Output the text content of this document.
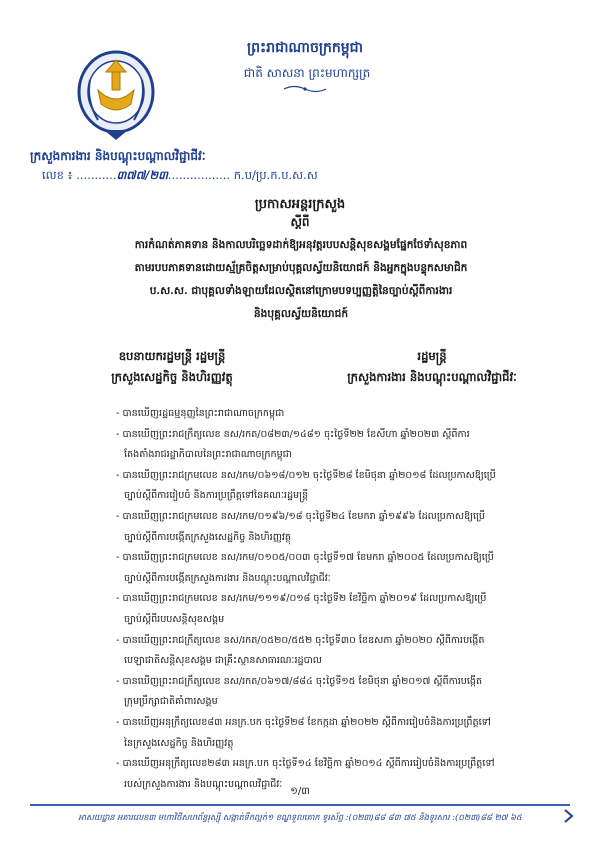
ព្រះរាជាណាចក្រកម្ពុជា
ជាតិ សាសនា ព្រះមហាក្សត្រ
ក្រសួងការងារ និងបណ្តុះបណ្តាលវិជ្ជាជីវៈ
លេខ ៖ ...........៣៧៧/២៣................. ក.ប/ប្រ.ក.ប.ស.ស
ប្រកាសអន្តរក្រសួង
ស្តីពី
ការកំណត់ភាគទាន និងកាលបរិច្ឆេទដាក់ឱ្យអនុវត្តរបបសន្តិសុខសង្គមផ្នែកថែទាំសុខភាព
តាមរបបភាគទានដោយស្ម័គ្រចិត្តសម្រាប់បុគ្គលស្វ័យនិយោជក៍ និងអ្នកក្នុងបន្ទុកសមាជិក
ប.ស.ស. ជាបុគ្គលទាំងឡាយដែលស្ថិតនៅក្រោមបទប្បញ្ញត្តិនៃច្បាប់ស្តីពីការងារ
និងបុគ្គលស្វ័យនិយោជក៍
ឧបនាយករដ្ឋមន្ត្រី រដ្ឋមន្ត្រី
ក្រសួងសេដ្ឋកិច្ច និងហិរញ្ញវត្ថុ
រដ្ឋមន្ត្រី
ក្រសួងការងារ និងបណ្តុះបណ្តាលវិជ្ជាជីវៈ
- បានឃើញរដ្ឋធម្មនុញ្ញនៃព្រះរាជាណាចក្រកម្ពុជា
- បានឃើញព្រះរាជក្រឹត្យលេខ នស/រកត/០៨២៣/១៤៨១ ចុះថ្ងៃទី២២ ខែសីហា ឆ្នាំ២០២៣ ស្តីពីការ
តែងតាំងរាជរដ្ឋាភិបាលនៃព្រះរាជាណាចក្រកម្ពុជា
- បានឃើញព្រះរាជក្រមលេខ នស/រកម/០៦១៨/០១២ ចុះថ្ងៃទី២៨ ខែមិថុនា ឆ្នាំ២០១៨ ដែលប្រកាសឱ្យប្រើ
ច្បាប់ស្តីពីការរៀបចំ និងការប្រព្រឹត្តទៅនៃគណៈរដ្ឋមន្ត្រី
- បានឃើញព្រះរាជក្រមលេខ នស/រកម/០១៩៦/១៨ ចុះថ្ងៃទី២៤ ខែមករា ឆ្នាំ១៩៩៦ ដែលប្រកាសឱ្យប្រើ
ច្បាប់ស្តីពីការបង្កើតក្រសួងសេដ្ឋកិច្ច និងហិរញ្ញវត្ថុ
- បានឃើញព្រះរាជក្រមលេខ នស/រកម/០១០៥/០០៣ ចុះថ្ងៃទី១៧ ខែមករា ឆ្នាំ២០០៥ ដែលប្រកាសឱ្យប្រើ
ច្បាប់ស្តីពីការបង្កើតក្រសួងការងារ និងបណ្តុះបណ្តាលវិជ្ជាជីវៈ
- បានឃើញព្រះរាជក្រមលេខ នស/រកម/១១១៩/០១៨ ចុះថ្ងៃទី២ ខែវិច្ឆិកា ឆ្នាំ២០១៩ ដែលប្រកាសឱ្យប្រើ
ច្បាប់ស្តីពីរបបសន្តិសុខសង្គម
- បានឃើញព្រះរាជក្រឹត្យលេខ នស/រកត/០៥២០/៥៥២ ចុះថ្ងៃទី៣០ ខែឧសភា ឆ្នាំ២០២០ ស្តីពីការបង្កើត
បេឡាជាតិសន្តិសុខសង្គម ជាគ្រឹះស្ថានសាធារណៈរដ្ឋបាល
- បានឃើញព្រះរាជក្រឹត្យលេខ នស/រកត/០៦១៧/៨៨៤ ចុះថ្ងៃទី១៥ ខែមិថុនា ឆ្នាំ២០១៧ ស្តីពីការបង្កើត
ក្រុមប្រឹក្សាជាតិគាំពារសង្គម
- បានឃើញអនុក្រឹត្យលេខ៨៣ អនក្រ.បក ចុះថ្ងៃទី២៨ ខែកក្កដា ឆ្នាំ២០២២ ស្តីពីការរៀបចំនិងការប្រព្រឹត្តទៅ
នៃក្រសួងសេដ្ឋកិច្ច និងហិរញ្ញវត្ថុ
- បានឃើញអនុក្រឹត្យលេខ២៨៣ អនក្រ.បក ចុះថ្ងៃទី១៤ ខែវិច្ឆិកា ឆ្នាំ២០១៤ ស្តីពីការរៀបចំនិងការប្រព្រឹត្តទៅ
របស់ក្រសួងការងារ និងបណ្តុះបណ្តាលវិជ្ជាជីវៈ
១/៣
អាសយដ្ឋាន អគារលេខ៣ មហាវិថីសហព័ន្ធរុស្ស៊ី សង្កាត់ទឹកល្អក់១ ខណ្ឌទួលគោក ទូរស័ព្ទ :(០២៣)៨៨ ៨៣ ៧៥ និងទូរសារ :(០២៣)៨៨ ២៧ ៦៥
